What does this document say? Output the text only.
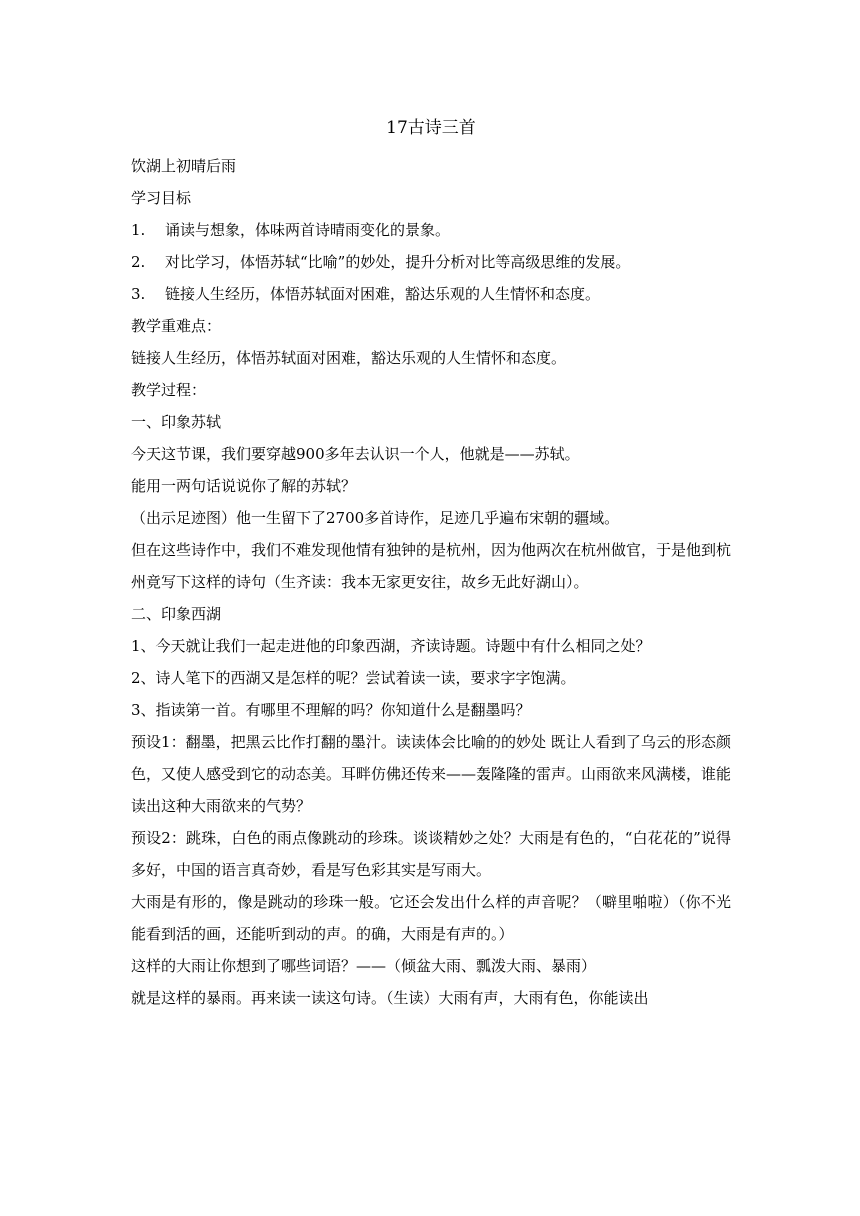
17古诗三首

饮湖上初晴后雨

学习目标

1. 诵读与想象，体味两首诗晴雨变化的景象。

2. 对比学习，体悟苏轼“比喻”的妙处，提升分析对比等高级思维的发展。

3. 链接人生经历，体悟苏轼面对困难，豁达乐观的人生情怀和态度。

教学重难点：

链接人生经历，体悟苏轼面对困难，豁达乐观的人生情怀和态度。

教学过程：

一、印象苏轼

今天这节课，我们要穿越900多年去认识一个人，他就是——苏轼。

能用一两句话说说你了解的苏轼？

（出示足迹图）他一生留下了2700多首诗作，足迹几乎遍布宋朝的疆域。

但在这些诗作中，我们不难发现他情有独钟的是杭州，因为他两次在杭州做官，于是他到杭州竟写下这样的诗句（生齐读：我本无家更安往，故乡无此好湖山）。

二、印象西湖

1、今天就让我们一起走进他的印象西湖，齐读诗题。诗题中有什么相同之处？

2、诗人笔下的西湖又是怎样的呢？尝试着读一读，要求字字饱满。

3、指读第一首。有哪里不理解的吗？你知道什么是翻墨吗？

预设1：翻墨，把黑云比作打翻的墨汁。读读体会比喻的的妙处 既让人看到了乌云的形态颜色，又使人感受到它的动态美。耳畔仿佛还传来——轰隆隆的雷声。山雨欲来风满楼，谁能读出这种大雨欲来的气势？

预设2：跳珠，白色的雨点像跳动的珍珠。谈谈精妙之处？大雨是有色的，“白花花的”说得多好，中国的语言真奇妙，看是写色彩其实是写雨大。

大雨是有形的，像是跳动的珍珠一般。它还会发出什么样的声音呢？（噼里啪啦）（你不光能看到活的画，还能听到动的声。的确，大雨是有声的。）

这样的大雨让你想到了哪些词语？——（倾盆大雨、瓢泼大雨、暴雨）

就是这样的暴雨。再来读一读这句诗。（生读）大雨有声，大雨有色，你能读出
